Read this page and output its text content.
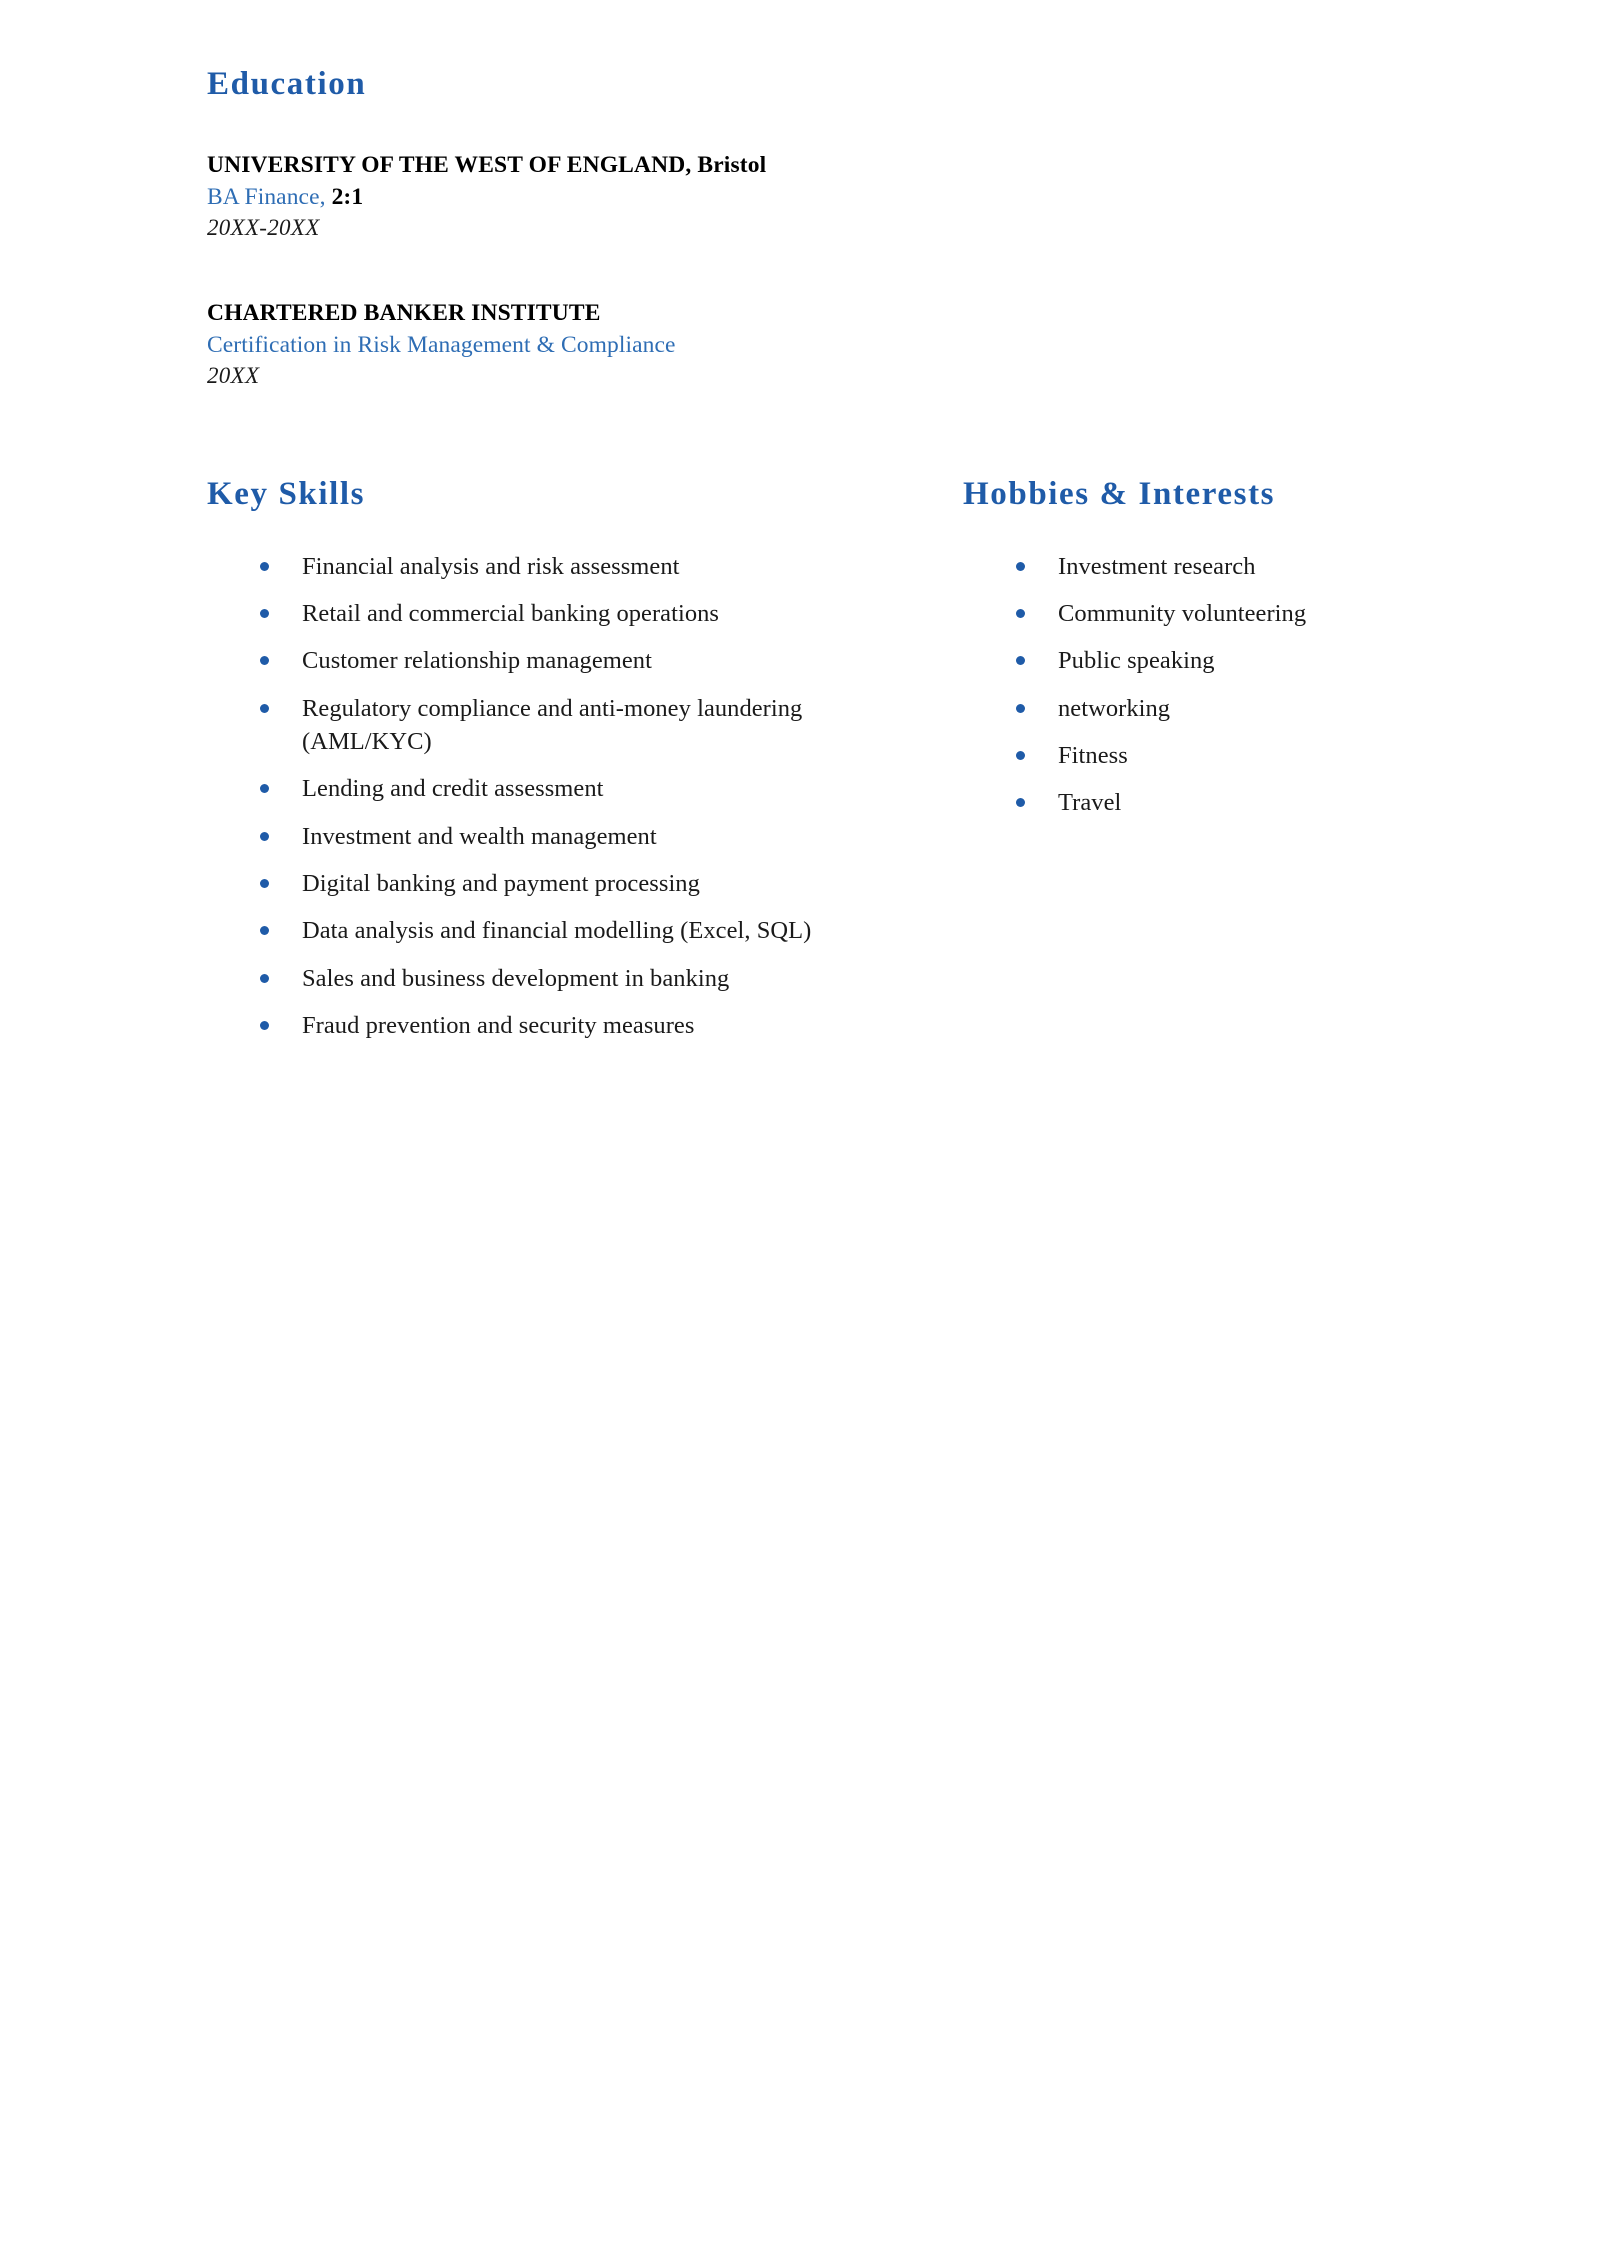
Education
UNIVERSITY OF THE WEST OF ENGLAND, Bristol
BA Finance, 2:1
20XX-20XX
CHARTERED BANKER INSTITUTE
Certification in Risk Management & Compliance
20XX
Key Skills
Financial analysis and risk assessment
Retail and commercial banking operations
Customer relationship management
Regulatory compliance and anti-money laundering (AML/KYC)
Lending and credit assessment
Investment and wealth management
Digital banking and payment processing
Data analysis and financial modelling (Excel, SQL)
Sales and business development in banking
Fraud prevention and security measures
Hobbies & Interests
Investment research
Community volunteering
Public speaking
networking
Fitness
Travel
